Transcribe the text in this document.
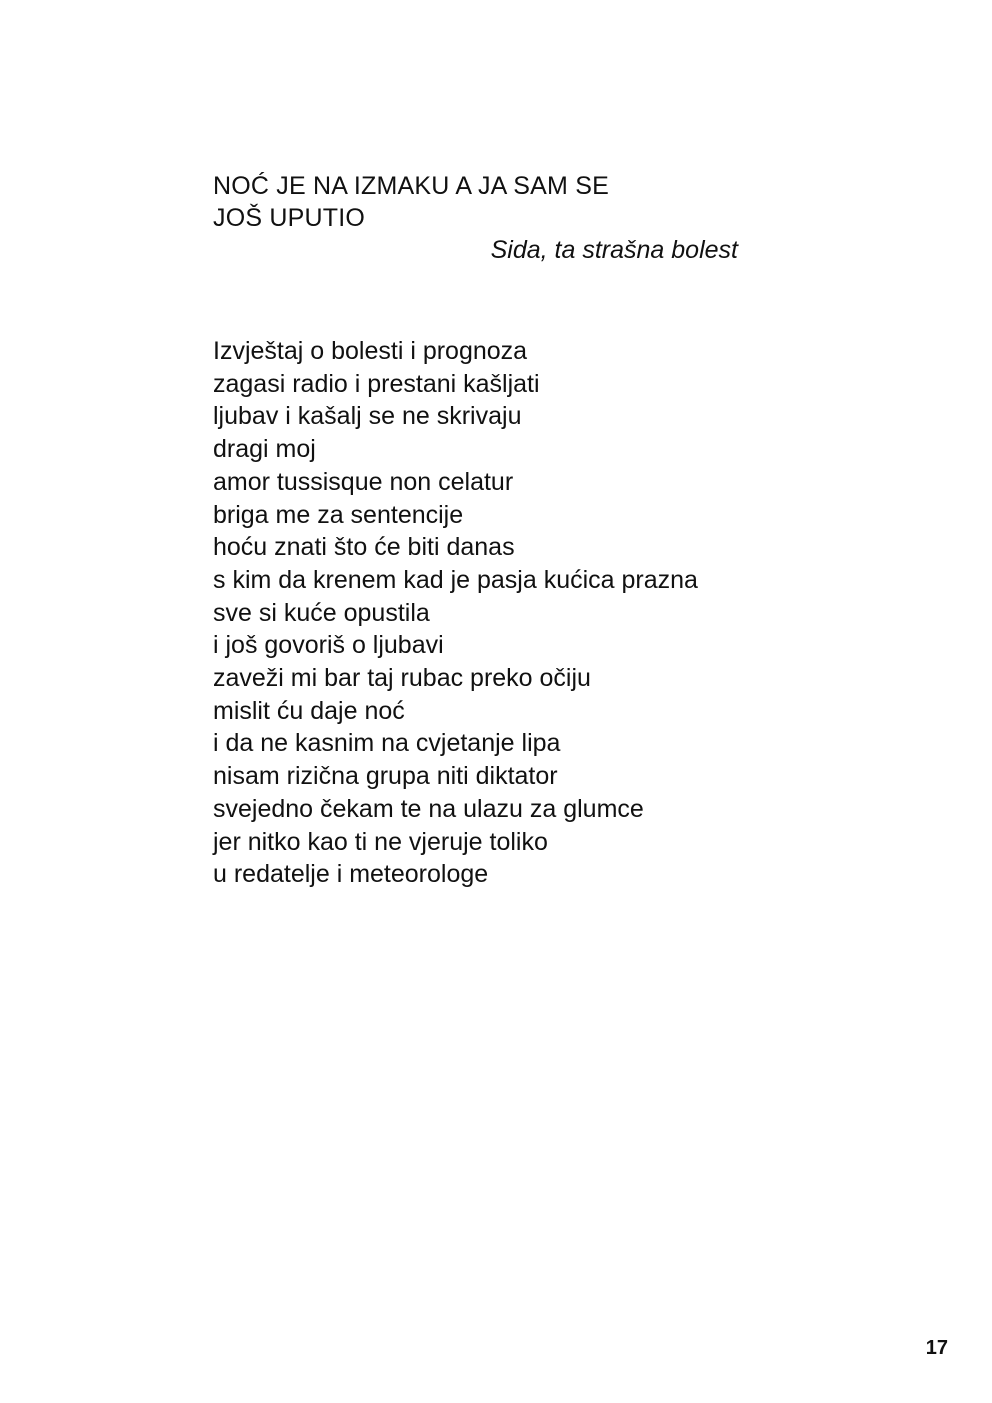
NOĆ JE NA IZMAKU A JA SAM SE
JOŠ UPUTIO
Sida, ta strašna bolest
Izvještaj o bolesti i prognoza
zagasi radio i prestani kašljati
ljubav i kašalj se ne skrivaju
dragi moj
amor tussisque non celatur
briga me za sentencije
hoću znati što će biti danas
s kim da krenem kad je pasja kućica prazna
sve si kuće opustila
i još govoriš o ljubavi
zaveži mi bar taj rubac preko očiju
mislit ću daje noć
i da ne kasnim na cvjetanje lipa
nisam rizična grupa niti diktator
svejedno čekam te na ulazu za glumce
jer nitko kao ti ne vjeruje toliko
u redatelje i meteorologe
17
